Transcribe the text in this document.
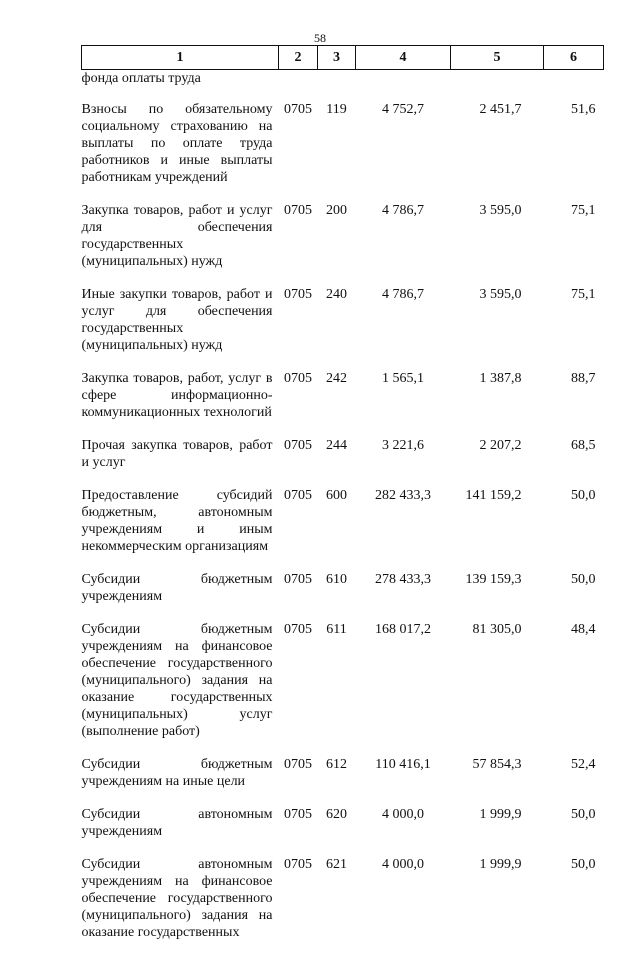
58
1	2	3	4	5	6
фонда оплаты труда					
Взносы по обязательному социальному страхованию на выплаты по оплате труда работников и иные выплаты работникам учреждений	0705	119	4 752,7	2 451,7	51,6
Закупка товаров, работ и услуг для обеспечения государственных (муниципальных) нужд	0705	200	4 786,7	3 595,0	75,1
Иные закупки товаров, работ и услуг для обеспечения государственных (муниципальных) нужд	0705	240	4 786,7	3 595,0	75,1
Закупка товаров, работ, услуг в сфере информационно-коммуникационных технологий	0705	242	1 565,1	1 387,8	88,7
Прочая закупка товаров, работ и услуг	0705	244	3 221,6	2 207,2	68,5
Предоставление субсидий бюджетным, автономным учреждениям и иным некоммерческим организациям	0705	600	282 433,3	141 159,2	50,0
Субсидии бюджетным учреждениям	0705	610	278 433,3	139 159,3	50,0
Субсидии бюджетным учреждениям на финансовое обеспечение государственного (муниципального) задания на оказание государственных (муниципальных) услуг (выполнение работ)	0705	611	168 017,2	81 305,0	48,4
Субсидии бюджетным учреждениям на иные цели	0705	612	110 416,1	57 854,3	52,4
Субсидии автономным учреждениям	0705	620	4 000,0	1 999,9	50,0
Субсидии автономным учреждениям на финансовое обеспечение государственного (муниципального) задания на оказание государственных	0705	621	4 000,0	1 999,9	50,0
